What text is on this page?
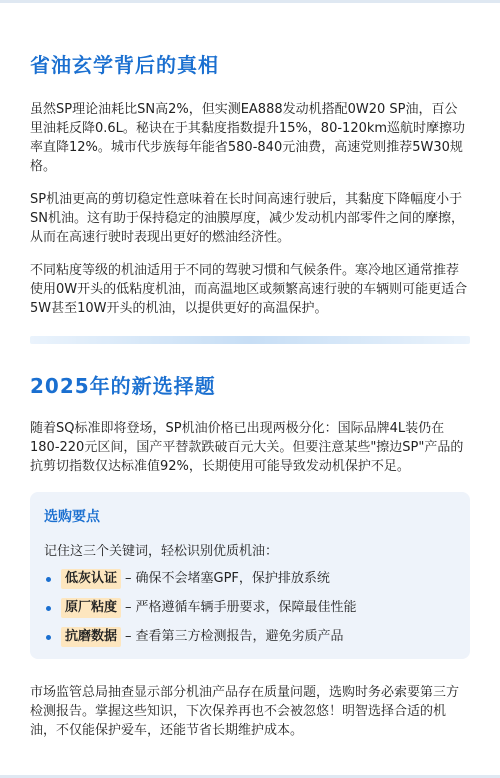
省油玄学背后的真相

虽然SP理论油耗比SN高2%，但实测EA888发动机搭配0W20 SP油，百公里油耗反降0.6L。秘诀在于其黏度指数提升15%，80-120km巡航时摩擦功率直降12%。城市代步族每年能省580-840元油费，高速党则推荐5W30规格。

SP机油更高的剪切稳定性意味着在长时间高速行驶后，其黏度下降幅度小于SN机油。这有助于保持稳定的油膜厚度，减少发动机内部零件之间的摩擦，从而在高速行驶时表现出更好的燃油经济性。

不同粘度等级的机油适用于不同的驾驶习惯和气候条件。寒冷地区通常推荐使用0W开头的低粘度机油，而高温地区或频繁高速行驶的车辆则可能更适合5W甚至10W开头的机油，以提供更好的高温保护。

2025年的新选择题

随着SQ标准即将登场，SP机油价格已出现两极分化：国际品牌4L装仍在180-220元区间，国产平替款跌破百元大关。但要注意某些"擦边SP"产品的抗剪切指数仅达标准值92%，长期使用可能导致发动机保护不足。

选购要点
记住这三个关键词，轻松识别优质机油：
低灰认证 – 确保不会堵塞GPF，保护排放系统
原厂粘度 – 严格遵循车辆手册要求，保障最佳性能
抗磨数据 – 查看第三方检测报告，避免劣质产品

市场监管总局抽查显示部分机油产品存在质量问题，选购时务必索要第三方检测报告。掌握这些知识，下次保养再也不会被忽悠！明智选择合适的机油，不仅能保护爱车，还能节省长期维护成本。
